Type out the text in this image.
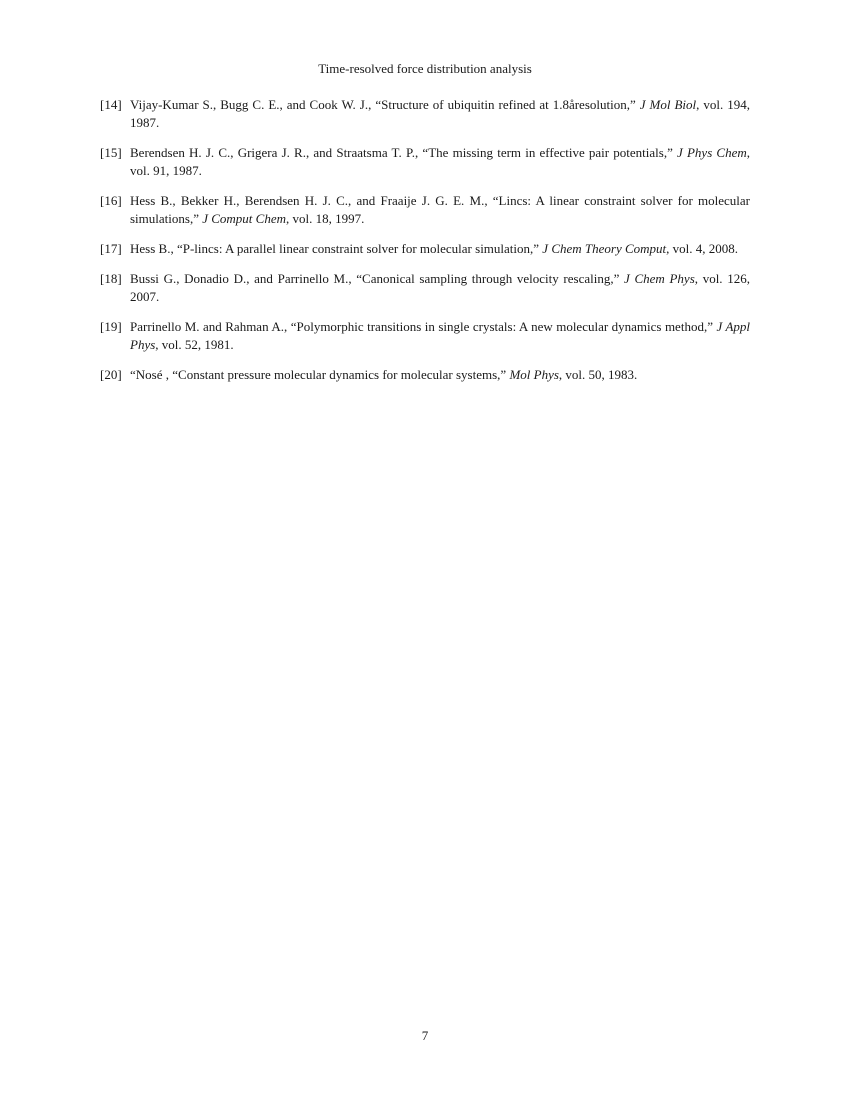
Time-resolved force distribution analysis
[14] Vijay-Kumar S., Bugg C. E., and Cook W. J., “Structure of ubiquitin refined at 1.8åresolution,” J Mol Biol, vol. 194, 1987.
[15] Berendsen H. J. C., Grigera J. R., and Straatsma T. P., “The missing term in effective pair potentials,” J Phys Chem, vol. 91, 1987.
[16] Hess B., Bekker H., Berendsen H. J. C., and Fraaije J. G. E. M., “Lincs: A linear constraint solver for molecular simulations,” J Comput Chem, vol. 18, 1997.
[17] Hess B., “P-lincs: A parallel linear constraint solver for molecular simulation,” J Chem Theory Comput, vol. 4, 2008.
[18] Bussi G., Donadio D., and Parrinello M., “Canonical sampling through velocity rescaling,” J Chem Phys, vol. 126, 2007.
[19] Parrinello M. and Rahman A., “Polymorphic transitions in single crystals: A new molecular dynamics method,” J Appl Phys, vol. 52, 1981.
[20] “Nosé , “Constant pressure molecular dynamics for molecular systems,” Mol Phys, vol. 50, 1983.
7
